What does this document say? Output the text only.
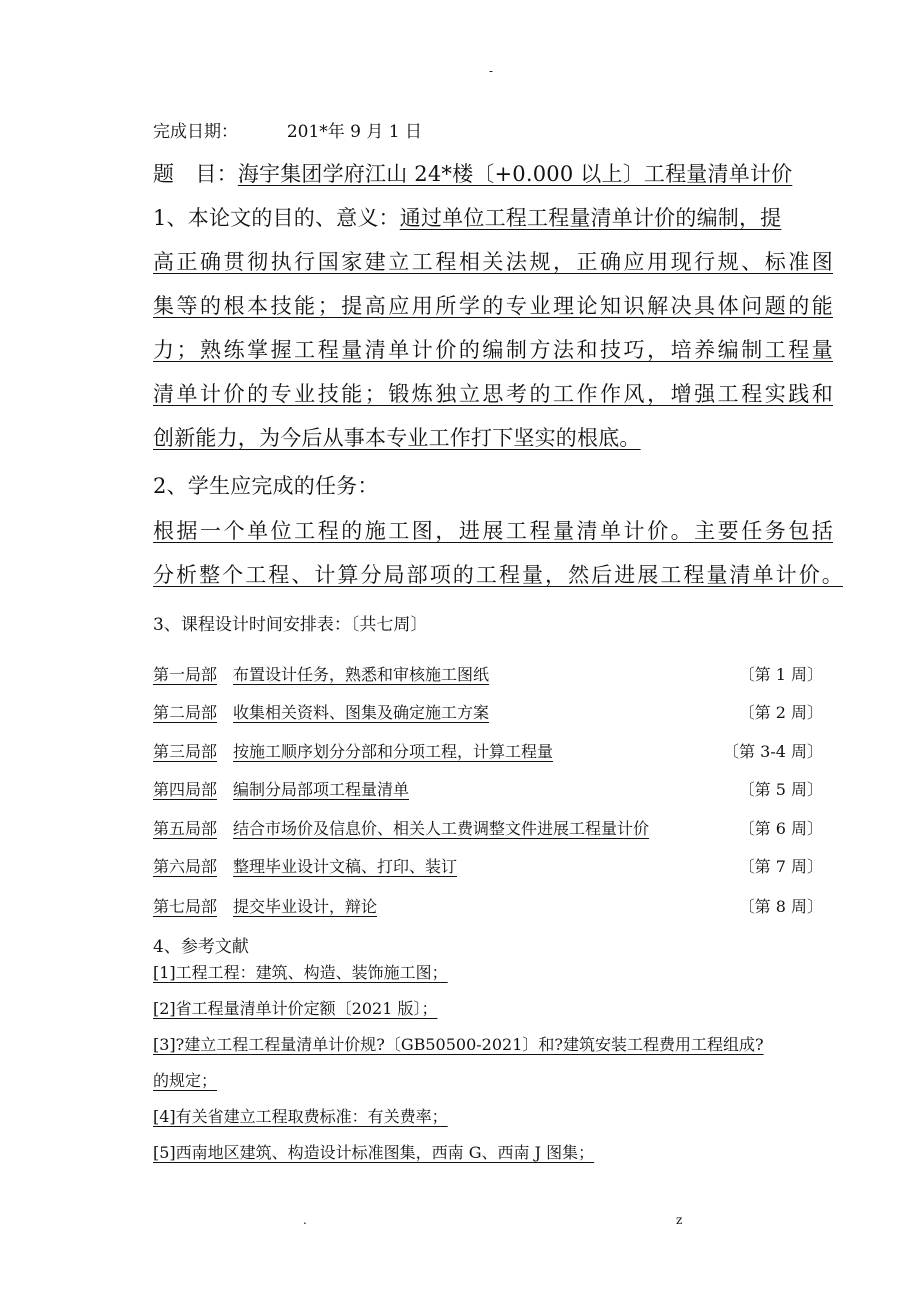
-
完成日期：	201*年 9 月 1 日
题　目：海宇集团学府江山 24*楼〔+0.000 以上〕工程量清单计价
1、本论文的目的、意义：通过单位工程工程量清单计价的编制，提
高正确贯彻执行国家建立工程相关法规，正确应用现行规、标准图
集等的根本技能；提高应用所学的专业理论知识解决具体问题的能
力；熟练掌握工程量清单计价的编制方法和技巧，培养编制工程量
清单计价的专业技能；锻炼独立思考的工作作风，增强工程实践和
创新能力，为今后从事本专业工作打下坚实的根底。
2、学生应完成的任务：
根据一个单位工程的施工图，进展工程量清单计价。主要任务包括
分析整个工程、计算分局部项的工程量，然后进展工程量清单计价。
3、课程设计时间安排表：〔共七周〕
第一局部 布置设计任务，熟悉和审核施工图纸	〔第 1 周〕
第二局部 收集相关资料、图集及确定施工方案	〔第 2 周〕
第三局部 按施工顺序划分分部和分项工程，计算工程量	〔第 3-4 周〕
第四局部 编制分局部项工程量清单	〔第 5 周〕
第五局部 结合市场价及信息价、相关人工费调整文件进展工程量计价	〔第 6 周〕
第六局部 整理毕业设计文稿、打印、装订	〔第 7 周〕
第七局部 提交毕业设计，辩论	〔第 8 周〕
4、参考文献
[1]工程工程：建筑、构造、装饰施工图；
[2]省工程量清单计价定额〔2021 版〕；
[3]?建立工程工程量清单计价规?〔GB50500-2021〕和?建筑安装工程费用工程组成?
的规定；
[4]有关省建立工程取费标准：有关费率；
[5]西南地区建筑、构造设计标准图集，西南 G、西南 J 图集；
.	z
